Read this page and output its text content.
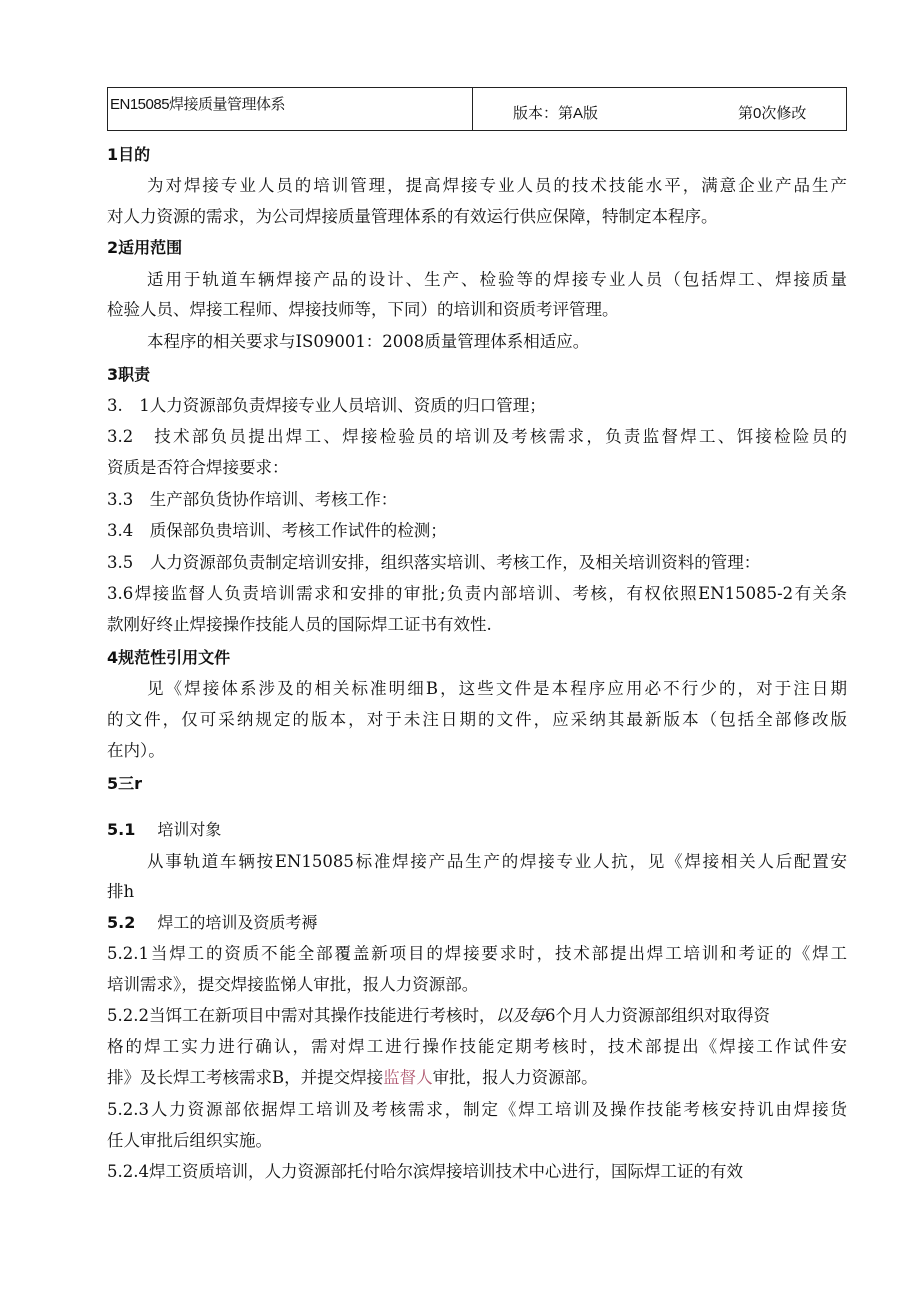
EN15085焊接质量管理体系
版本：第A版	第0次修改
1目的
为对焊接专业人员的培训管理，提高焊接专业人员的技术技能水平，满意企业产品生产
对人力资源的需求，为公司焊接质量管理体系的有效运行供应保障，特制定本程序。
2适用范围
适用于轨道车辆焊接产品的设计、生产、检验等的焊接专业人员（包括焊工、焊接质量
检验人员、焊接工程师、焊接技师等，下同）的培训和资质考评管理。
本程序的相关要求与IS09001：2008质量管理体系相适应。
3职责
3.　1人力资源部负责焊接专业人员培训、资质的归口管理；
3.2　技术部负员提出焊工、焊接检验员的培训及考核需求，负责监督焊工、饵接检险员的
资质是否符合焊接要求：
3.3　生产部负货协作培训、考核工作：
3.4　质保部负贵培训、考核工作试件的检测；
3.5　人力资源部负责制定培训安排，组织落实培训、考核工作，及相关培训资料的管理：
3.6焊接监督人负责培训需求和安排的审批;负责内部培训、考核，有权依照EN15085-2有关条
款刚好终止焊接操作技能人员的国际焊工证书有效性.
4规范性引用文件
见《焊接体系涉及的相关标准明细B，这些文件是本程序应用必不行少的，对于注日期
的文件，仅可采纳规定的版本，对于未注日期的文件，应采纳其最新版本（包括全部修改版
在内）。
5三r
5.1 培训对象
从事轨道车辆按EN15085标准焊接产品生产的焊接专业人抗，见《焊接相关人后配置安
排h
5.2 焊工的培训及资质考褥
5.2.1当焊工的资质不能全部覆盖新项目的焊接要求时，技术部提出焊工培训和考证的《焊工
培训需求》，提交焊接监悌人审批，报人力资源部。
5.2.2当饵工在新项目中需对其操作技能进行考核时，以及每6个月人力资源部组织对取得资
格的焊工实力进行确认，需对焊工进行操作技能定期考核时，技术部提出《焊接工作试件安
排》及长焊工考核需求B，并提交焊接监督人审批，报人力资源部。
5.2.3人力资源部依据焊工培训及考核需求，制定《焊工培训及操作技能考核安持讥由焊接货
任人审批后组织实施。
5.2.4焊工资质培训，人力资源部托付哈尔滨焊接培训技术中心进行，国际焊工证的有效
